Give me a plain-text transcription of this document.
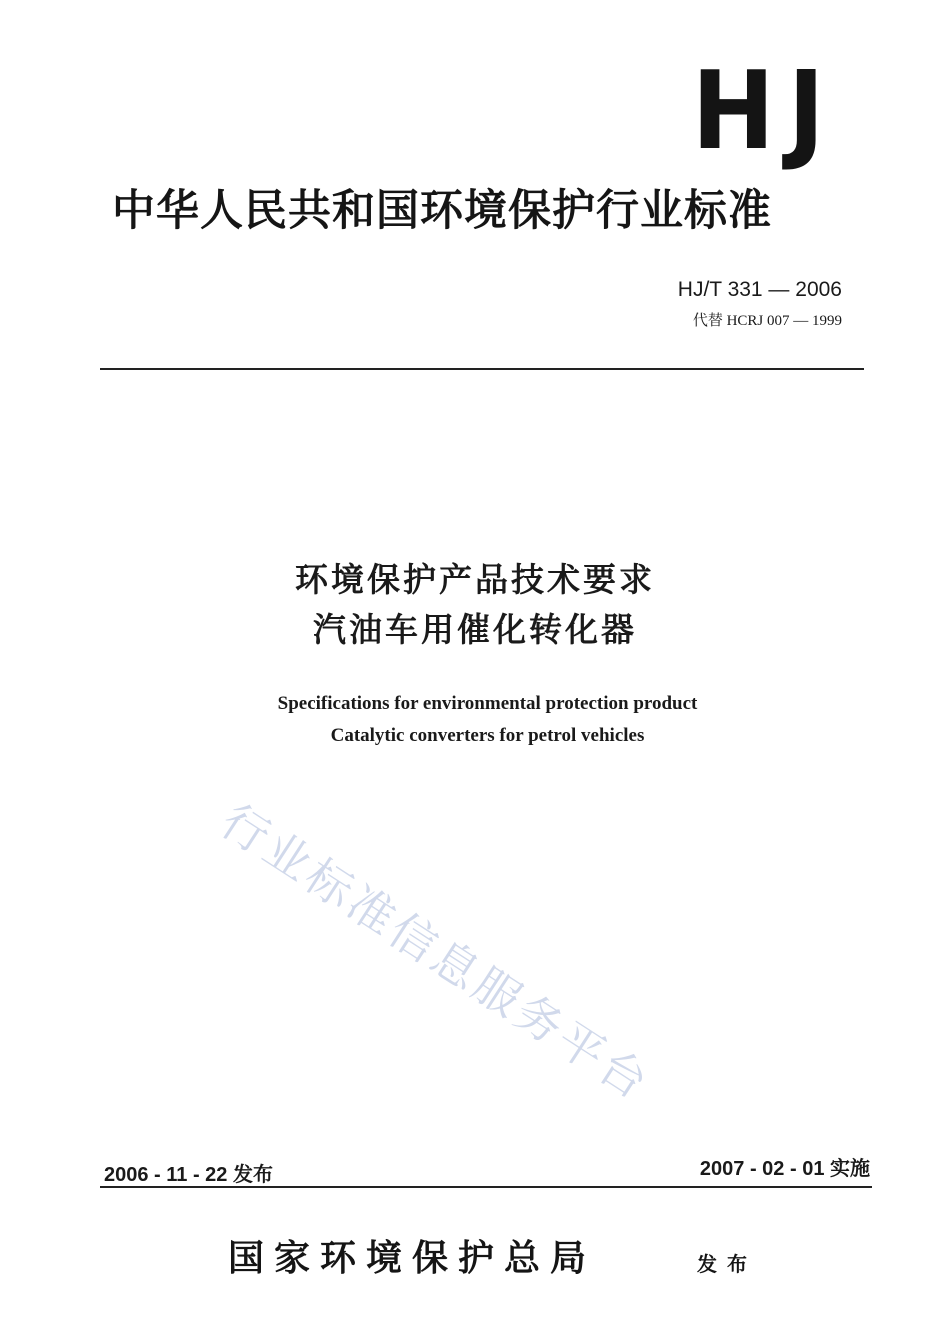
HJ
中华人民共和国环境保护行业标准
HJ/T 331 — 2006
代替 HCRJ 007 — 1999
环境保护产品技术要求
汽油车用催化转化器
Specifications for environmental protection product
Catalytic converters for petrol vehicles
行业标准信息服务平台
2006 - 11 - 22 发布	2007 - 02 - 01 实施
国家环境保护总局	发布
